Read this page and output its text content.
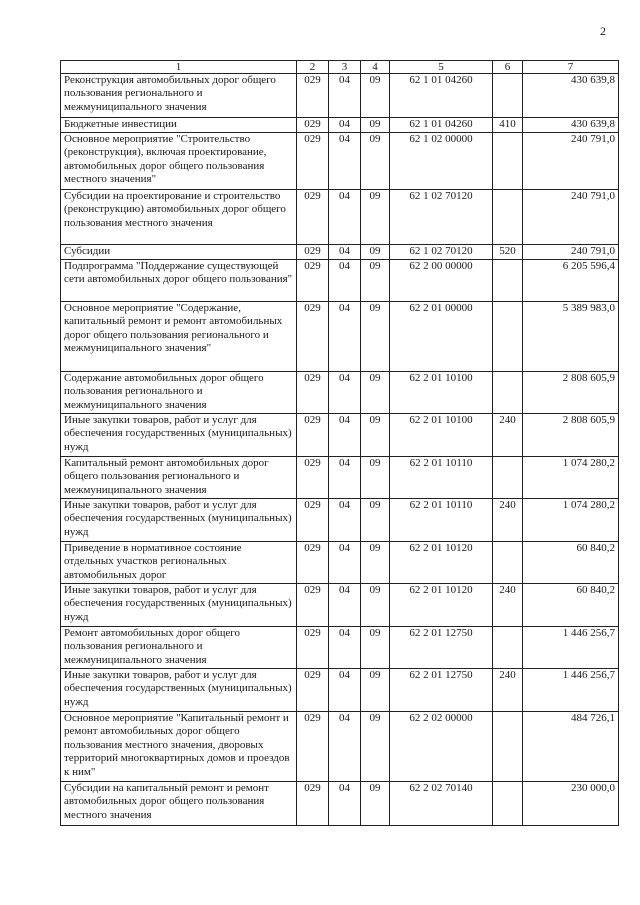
2
1	2	3	4	5	6	7
Реконструкция автомобильных дорог общего пользования регионального и межмуниципального значения	029	04	09	62 1 01 04260		430 639,8
Бюджетные инвестиции	029	04	09	62 1 01 04260	410	430 639,8
Основное мероприятие "Строительство (реконструкция), включая проектирование, автомобильных дорог общего пользования местного значения"	029	04	09	62 1 02 00000		240 791,0
Субсидии на проектирование и строительство (реконструкцию) автомобильных дорог общего пользования местного значения	029	04	09	62 1 02 70120		240 791,0
Субсидии	029	04	09	62 1 02 70120	520	240 791,0
Подпрограмма "Поддержание существующей сети автомобильных дорог общего пользования"	029	04	09	62 2 00 00000		6 205 596,4
Основное мероприятие "Содержание, капитальный ремонт и ремонт автомобильных дорог общего пользования регионального и межмуниципального значения"	029	04	09	62 2 01 00000		5 389 983,0
Содержание автомобильных дорог общего пользования регионального и межмуниципального значения	029	04	09	62 2 01 10100		2 808 605,9
Иные закупки товаров, работ и услуг для обеспечения государственных (муниципальных) нужд	029	04	09	62 2 01 10100	240	2 808 605,9
Капитальный ремонт автомобильных дорог общего пользования регионального и межмуниципального значения	029	04	09	62 2 01 10110		1 074 280,2
Иные закупки товаров, работ и услуг для обеспечения государственных (муниципальных) нужд	029	04	09	62 2 01 10110	240	1 074 280,2
Приведение в нормативное состояние отдельных участков региональных автомобильных дорог	029	04	09	62 2 01 10120		60 840,2
Иные закупки товаров, работ и услуг для обеспечения государственных (муниципальных) нужд	029	04	09	62 2 01 10120	240	60 840,2
Ремонт автомобильных дорог общего пользования регионального и межмуниципального значения	029	04	09	62 2 01 12750		1 446 256,7
Иные закупки товаров, работ и услуг для обеспечения государственных (муниципальных) нужд	029	04	09	62 2 01 12750	240	1 446 256,7
Основное мероприятие "Капитальный ремонт и ремонт автомобильных дорог общего пользования местного значения, дворовых территорий многоквартирных домов и проездов к ним"	029	04	09	62 2 02 00000		484 726,1
Субсидии на капитальный ремонт и ремонт автомобильных дорог общего пользования местного значения	029	04	09	62 2 02 70140		230 000,0
